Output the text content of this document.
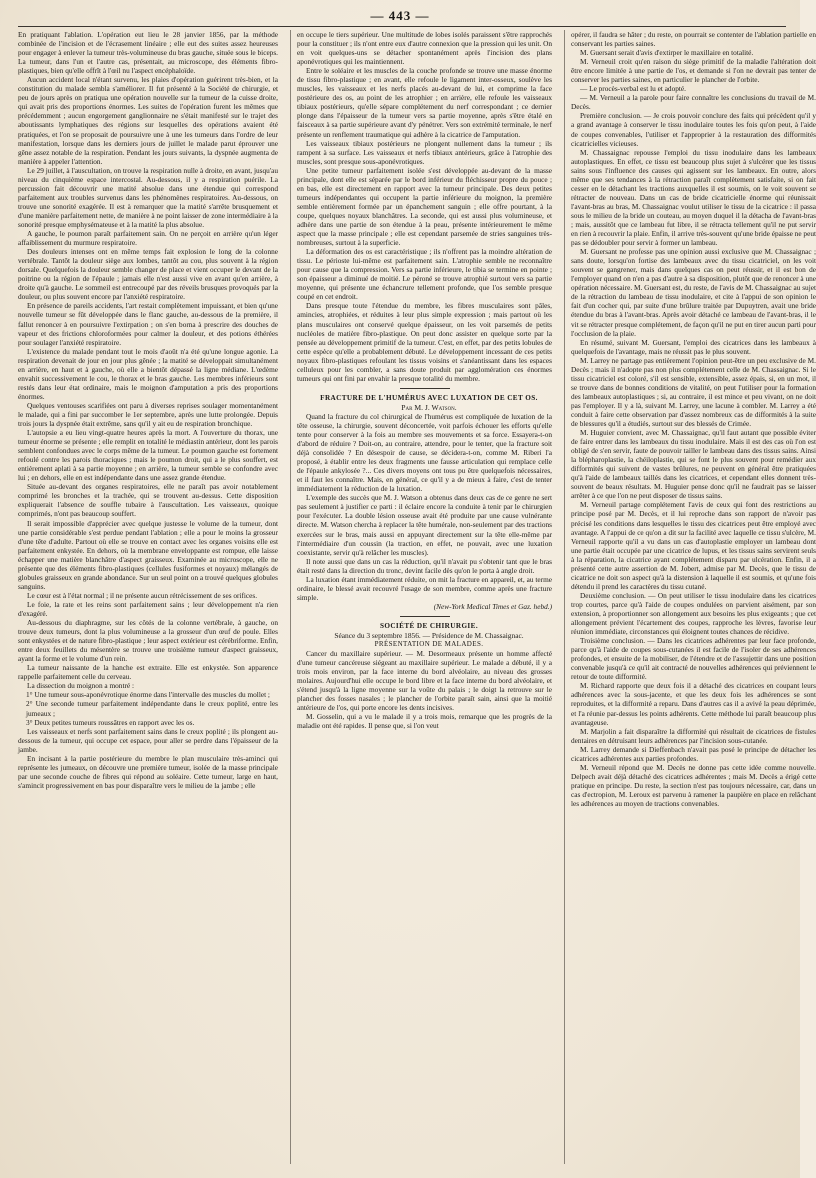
— 443 —

En pratiquant l'ablation. L'opération eut lieu le 28 janvier 1856, par la méthode combinée de l'incision et de l'écrasement linéaire ; elle eut des suites assez heureuses pour engager à enlever la tumeur très-volumineuse du bras gauche, située sous le biceps. La tumeur, dans l'un et l'autre cas, présentait, au microscope, des éléments fibro-plastiques, bien qu'elle offrît à l'œil nu l'aspect encéphaloïde.

Aucun accident local n'étant survenu, les plaies d'opération guérirent très-bien, et la constitution du malade sembla s'améliorer. Il fut présenté à la Société de chirurgie, et peu de jours après on pratiqua une opération nouvelle sur la tumeur de la cuisse droite, qui avait pris des proportions énormes. Les suites de l'opération furent les mêmes que précédemment ; aucun engorgement ganglionnaire ne s'était manifesté sur le trajet des aboutissants lymphatiques des régions sur lesquelles des opérations avaient été pratiquées, et l'on se proposait de poursuivre une à une les tumeurs dans l'ordre de leur manifestation, lorsque dans les derniers jours de juillet le malade parut éprouver une gêne assez notable de la respiration. Pendant les jours suivants, la dyspnée augmenta de manière à appeler l'attention.

Le 29 juillet, à l'auscultation, on trouve la respiration nulle à droite, en avant, jusqu'au niveau du cinquième espace intercostal. Au-dessous, il y a respiration puérile. La percussion fait découvrir une matité absolue dans une étendue qui correspond parfaitement aux troubles survenus dans les phénomènes respiratoires. Au-dessous, on trouve une sonorité exagérée. Il est à remarquer que la matité s'arrête brusquement et d'une manière parfaitement nette, de manière à ne point laisser de zone intermédiaire à la sonorité presque emphysémateuse et à la matité la plus absolue.

A gauche, le poumon paraît parfaitement sain. On ne perçoit en arrière qu'un léger affaiblissement du murmure respiratoire.

Des douleurs intenses ont en même temps fait explosion le long de la colonne vertébrale. Tantôt la douleur siège aux lombes, tantôt au cou, plus souvent à la région dorsale. Quelquefois la douleur semble changer de place et vient occuper le devant de la poitrine ou la région de l'épaule ; jamais elle n'est aussi vive en avant qu'en arrière, à droite qu'à gauche. Le sommeil est entrecoupé par des réveils brusques provoqués par la douleur, ou plus souvent encore par l'anxiété respiratoire.

En présence de pareils accidents, l'art restait complètement impuissant, et bien qu'une nouvelle tumeur se fût développée dans le flanc gauche, au-dessous de la première, il fallut renoncer à en poursuivre l'extirpation ; on s'en borna à prescrire des douches de vapeur et des frictions chloroformées pour calmer la douleur, et des potions éthérées pour soulager l'anxiété respiratoire.

L'existence du malade pendant tout le mois d'août n'a été qu'une longue agonie. La respiration devenait de jour en jour plus gênée ; la matité se développait simultanément en arrière, en haut et à gauche, où elle a bientôt dépassé la ligne médiane. L'œdème envahit successivement le cou, le thorax et le bras gauche. Les membres inférieurs sont restés dans leur état ordinaire, mais le moignon d'amputation a pris des proportions énormes.

Quelques ventouses scarifiées ont paru à diverses reprises soulager momentanément le malade, qui a fini par succomber le 1er septembre, après une lutte prolongée. Depuis trois jours la dyspnée était extrême, sans qu'il y ait eu de respiration bronchique.

L'autopsie a eu lieu vingt-quatre heures après la mort. A l'ouverture du thorax, une tumeur énorme se présente ; elle remplit en totalité le médiastin antérieur, dont les parois semblent confondues avec le corps même de la tumeur. Le poumon gauche est fortement refoulé contre les parois thoraciques ; mais le poumon droit, qui a le plus souffert, est entièrement aplati à sa partie moyenne ; en arrière, la tumeur semble se confondre avec lui ; en dehors, elle en est indépendante dans une assez grande étendue.

Située au-devant des organes respiratoires, elle ne paraît pas avoir notablement comprimé les bronches et la trachée, qui se trouvent au-dessus. Cette disposition expliquerait l'absence de souffle tubaire à l'auscultation. Les vaisseaux, quoique comprimés, n'ont pas beaucoup souffert.

Il serait impossible d'apprécier avec quelque justesse le volume de la tumeur, dont une partie considérable s'est perdue pendant l'ablation ; elle a pour le moins la grosseur d'une tête d'adulte. Partout où elle se trouve en contact avec les organes voisins elle est parfaitement enkystée. En dehors, où la membrane enveloppante est rompue, elle laisse échapper une matière blanchâtre d'aspect graisseux. Examinée au microscope, elle ne présente que des éléments fibro-plastiques (cellules fusiformes et noyaux) mélangés de globules graisseux en grande abondance. Sur un seul point on a trouvé quelques globules sanguins.

Le cœur est à l'état normal ; il ne présente aucun rétrécissement de ses orifices.

Le foie, la rate et les reins sont parfaitement sains ; leur développement n'a rien d'exagéré.

Au-dessous du diaphragme, sur les côtés de la colonne vertébrale, à gauche, on trouve deux tumeurs, dont la plus volumineuse a la grosseur d'un œuf de poule. Elles sont enkystées et de nature fibro-plastique ; leur aspect extérieur est cérébriforme. Enfin, entre deux feuillets du mésentère se trouve une troisième tumeur d'aspect graisseux, ayant la forme et le volume d'un rein.

La tumeur naissante de la hanche est extraite. Elle est enkystée. Son apparence rappelle parfaitement celle du cerveau.

La dissection du moignon a montré :

1° Une tumeur sous-aponévrotique énorme dans l'intervalle des muscles du mollet ;

2° Une seconde tumeur parfaitement indépendante dans le creux poplité, entre les jumeaux ;

3° Deux petites tumeurs roussâtres en rapport avec les os.

Les vaisseaux et nerfs sont parfaitement sains dans le creux poplité ; ils plongent au-dessous de la tumeur, qui occupe cet espace, pour aller se perdre dans l'épaisseur de la jambe.

En incisant à la partie postérieure du membre le plan musculaire très-aminci qui représente les jumeaux, on découvre une première tumeur, isolée de la masse principale par une seconde couche de fibres qui répond au soléaire. Cette tumeur, large en haut, s'amincit progressivement en bas pour disparaître vers le milieu de la jambe ; elle

en occupe le tiers supérieur. Une multitude de lobes isolés paraissent s'être rapprochés pour la constituer ; ils n'ont entre eux d'autre connexion que la pression qui les unit. On en voit quelques-uns se détacher spontanément après l'incision des plans aponévrotiques qui les maintiennent.

Entre le soléaire et les muscles de la couche profonde se trouve une masse énorme de tissu fibro-plastique ; en avant, elle refoule le ligament inter-osseux, soulève les muscles, les vaisseaux et les nerfs placés au-devant de lui, et comprime la face postérieure des os, au point de les atrophier ; en arrière, elle refoule les vaisseaux tibiaux postérieurs, qu'elle sépare complétement du nerf correspondant ; ce dernier plonge dans l'épaisseur de la tumeur vers sa partie moyenne, après s'être étalé en faisceaux à sa partie supérieure avant d'y pénétrer. Vers son extrémité terminale, le nerf présente un renflement traumatique qui adhère à la cicatrice de l'amputation.

Les vaisseaux tibiaux postérieurs ne plongent nullement dans la tumeur ; ils rampent à sa surface. Les vaisseaux et nerfs tibiaux antérieurs, grâce à l'atrophie des muscles, sont presque sous-aponévrotiques.

Une petite tumeur parfaitement isolée s'est développée au-devant de la masse principale, dont elle est séparée par le bord inférieur du fléchisseur propre du pouce ; en bas, elle est directement en rapport avec la tumeur principale. Des deux petites tumeurs indépendantes qui occupent la partie inférieure du moignon, la première semble entièrement formée par un épanchement sanguin ; elle offre pourtant, à la coupe, quelques noyaux blanchâtres. La seconde, qui est aussi plus volumineuse, et adhère dans une partie de son étendue à la peau, présente intérieurement le même aspect que la masse principale ; elle est cependant parsemée de stries sanguines très-nombreuses, surtout à la superficie.

La déformation des os est caractéristique ; ils n'offrent pas la moindre altération de tissu. Le périoste lui-même est parfaitement sain. L'atrophie semble ne reconnaître pour cause que la compression. Vers sa partie inférieure, le tibia se termine en pointe ; son épaisseur a diminué de moitié. Le péroné se trouve atrophié surtout vers sa partie moyenne, qui présente une échancrure tellement profonde, que l'os semble presque coupé en cet endroit.

Dans presque toute l'étendue du membre, les fibres musculaires sont pâles, amincies, atrophiées, et réduites à leur plus simple expression ; mais partout où les plans musculaires ont conservé quelque épaisseur, on les voit parsemés de petits nucléoles de matière fibro-plastique. On peut donc assister en quelque sorte par la pensée au développement primitif de la tumeur. C'est, en effet, par des petits lobules de cette espèce qu'elle a probablement débuté. Le développement incessant de ces petits noyaux fibro-plastiques refoulant les tissus voisins et s'anéantissant dans les espaces celluleux pour les combler, a sans doute produit par agglomération ces énormes tumeurs qui ont fini par envahir la presque totalité du membre.

FRACTURE DE L'HUMÉRUS AVEC LUXATION DE CET OS.

Par M. J. Watson.

Quand la fracture du col chirurgical de l'humérus est compliquée de luxation de la tête osseuse, la chirurgie, souvent déconcertée, voit parfois échouer les efforts qu'elle tente pour conserver à la fois au membre ses mouvements et sa force. Essayera-t-on d'abord de réduire ? Doit-on, au contraire, attendre, pour le tenter, que la fracture soit déjà consolidée ? En désespoir de cause, se décidera-t-on, comme M. Riberi l'a proposé, à établir entre les deux fragments une fausse articulation qui remplace celle de l'épaule ankylosée ?... Ces divers moyens ont tous pu être quelquefois nécessaires, et il faut les connaître. Mais, en général, ce qu'il y a de mieux à faire, c'est de tenter immédiatement la réduction de la luxation.

L'exemple des succès que M. J. Watson a obtenus dans deux cas de ce genre ne sert pas seulement à justifier ce parti : il éclaire encore la conduite à tenir par le chirurgien pour l'exécuter. La double lésion osseuse avait été produite par une cause vulnérante directe. M. Watson chercha à replacer la tête humérale, non-seulement par des tractions exercées sur le bras, mais aussi en appuyant directement sur la tête elle-même par l'intermédiaire d'un coussin (la traction, en effet, ne pouvait, avec une luxation coexistante, servir qu'à relâcher les muscles).

Il note aussi que dans un cas la réduction, qu'il n'avait pu s'obtenir tant que le bras était resté dans la direction du tronc, devint facile dès qu'on le porta à angle droit.

La luxation étant immédiatement réduite, on mit la fracture en appareil, et, au terme ordinaire, le blessé avait recouvré l'usage de son membre, comme après une fracture simple.

(New-York Medical Times et Gaz. hebd.)

SOCIÉTÉ DE CHIRURGIE.

Séance du 3 septembre 1856. — Présidence de M. Chassaignac.

PRÉSENTATION DE MALADES.

Cancer du maxillaire supérieur. — M. Desormeaux présente un homme affecté d'une tumeur cancéreuse siégeant au maxillaire supérieur. Le malade a débuté, il y a trois mois environ, par la face interne du bord alvéolaire, au niveau des grosses molaires. Aujourd'hui elle occupe le bord libre et la face interne du bord alvéolaire, et s'étend jusqu'à la ligne moyenne sur la voûte du palais ; le doigt la retrouve sur le plancher des fosses nasales ; le plancher de l'orbite paraît sain, ainsi que la moitié antérieure de l'os, qui porte encore les dents incisives.

M. Gosselin, qui a vu le malade il y a trois mois, remarque que les progrès de la maladie ont été rapides. Il pense que, si l'on veut

opérer, il faudra se hâter ; du reste, on pourrait se contenter de l'ablation partielle en conservant les parties saines.

M. Guersant serait d'avis d'extirper le maxillaire en totalité.

M. Verneuil croit qu'en raison du siège primitif de la maladie l'altération doit être encore limitée à une partie de l'os, et demande si l'on ne devrait pas tenter de conserver les parties saines, en particulier le plancher de l'orbite.

— Le procès-verbal est lu et adopté.

— M. Verneuil a la parole pour faire connaître les conclusions du travail de M. Decès.

Première conclusion. — Je crois pouvoir conclure des faits qui précèdent qu'il y a grand avantage à conserver le tissu inodulaire toutes les fois qu'on peut, à l'aide de coupes convenables, l'utiliser et l'approprier à la restauration des difformités cicatricielles vicieuses.

M. Chassaignac repousse l'emploi du tissu inodulaire dans les lambeaux autoplastiques. En effet, ce tissu est beaucoup plus sujet à s'ulcérer que les tissus sains sous l'influence des causes qui agissent sur les lambeaux. En outre, alors même que ses tendances à la rétraction paraît complètement satisfaite, si on fait cesser en le détachant les tractions auxquelles il est soumis, on le voit souvent se rétracter de nouveau. Dans un cas de bride cicatricielle énorme qui réunissait l'avant-bras au bras, M. Chassaignac voulut utiliser le tissu de la cicatrice : il passa sous le milieu de la bride un couteau, au moyen duquel il la détacha de l'avant-bras ; mais, aussitôt que ce lambeau fut libre, il se rétracta tellement qu'il ne put servir en rien à recouvrir la plaie. Enfin, il arrive très-souvent qu'une bride épaisse ne peut pas se dédoubler pour servir à former un lambeau.

M. Guersant ne professe pas une opinion aussi exclusive que M. Chassaignac ; sans doute, lorsqu'on fortise des lambeaux avec du tissu cicatriciel, on les voit souvent se gangrener, mais dans quelques cas on peut réussir, et il est bon de l'employer quand on n'en a pas d'autre à sa disposition, plutôt que de renoncer à une opération nécessaire. M. Guersant est, du reste, de l'avis de M. Chassaignac au sujet de la rétraction du lambeau de tissu inodulaire, et cite à l'appui de son opinion le fait d'un cocher qui, par suite d'une brûlure traitée par Dupuytren, avait une bride étendue du bras à l'avant-bras. Après avoir détaché ce lambeau de l'avant-bras, il le vit se rétracter presque complétement, de façon qu'il ne put en tirer aucun parti pour l'occlusion de la plaie.

En résumé, suivant M. Guersant, l'emploi des cicatrices dans les lambeaux à quelquefois de l'avantage, mais ne réussit pas le plus souvent.

M. Larrey ne partage pas entièrement l'opinion peut-être un peu exclusive de M. Decès ; mais il n'adopte pas non plus complétement celle de M. Chassaignac. Si le tissu cicatriciel est coloré, s'il est sensible, extensible, assez épais, si, en un mot, il se trouve dans de bonnes conditions de vitalité, on peut l'utiliser pour la formation des lambeaux autoplastiques ; si, au contraire, il est mince et peu vivant, on ne doit pas l'employer. Il y a là, suivant M. Larrey, une lacune à combler. M. Larrey a été conduit à faire cette observation par d'assez nombreux cas de difformités à la suite de blessures qu'il a étudiés, surtout sur des blessés de Crimée.

M. Huguier convient, avec M. Chassaignac, qu'il faut autant que possible éviter de faire entrer dans les lambeaux du tissu inodulaire. Mais il est des cas où l'on est obligé de s'en servir, faute de pouvoir tailler le lambeau dans des tissus sains. Ainsi la blépharoplastie, la chéiloplastie, qui se font le plus souvent pour remédier aux difformités qui suivent de vastes brûlures, ne peuvent en général être pratiquées qu'à l'aide de lambeaux taillés dans les cicatrices, et cependant elles donnent très-souvent de beaux résultats. M. Huguier pense donc qu'il ne faudrait pas se laisser arrêter à ce que l'on ne peut disposer de tissus sains.

M. Verneuil partage complétement l'avis de ceux qui font des restrictions au principe posé par M. Decès, et il lui reproche dans son rapport de n'avoir pas précisé les conditions dans lesquelles le tissu des cicatrices peut être employé avec avantage. A l'appui de ce qu'on a dit sur la facilité avec laquelle ce tissu s'ulcère, M. Verneuil rapporte qu'il a vu dans un cas d'autoplastie employer un lambeau dont une partie était occupée par une cicatrice de lupus, et les tissus sains servirent seuls à la réparation, la cicatrice ayant complétement disparu par ulcération. Enfin, il a présenté cette autre assertion de M. Jobert, admise par M. Decès, que le tissu de cicatrice ne doit son aspect qu'à la distension à laquelle il est soumis, et qu'une fois détendu il prend les caractères du tissu cutané.

Deuxième conclusion. — On peut utiliser le tissu inodulaire dans les cicatrices trop courtes, parce qu'à l'aide de coupes ondulées on parvient aisément, par son extension, à proportionner son allongement aux besoins les plus exigeants ; que cet allongement prévient l'écartement des coupes, rapproche les lèvres, favorise leur réunion immédiate, circonstances qui éloignent toutes chances de récidive.

Troisième conclusion. — Dans les cicatrices adhérentes par leur face profonde, parce qu'à l'aide de coupes sous-cutanées il est facile de l'isoler de ses adhérences profondes, et ensuite de la mobiliser, de l'étendre et de l'assujettir dans une position convenable jusqu'à ce qu'il ait contracté de nouvelles adhérences qui préviennent le retour de toute difformité.

M. Richard rapporte que deux fois il a détaché des cicatrices en coupant leurs adhérences avec la sous-jacente, et que les deux fois les adhérences se sont reproduites, et la difformité a reparu. Dans d'autres cas il a avivé la peau déprimée, et l'a réunie par-dessus les points adhérents. Cette méthode lui paraît beaucoup plus avantageuse.

M. Marjolin a fait disparaître la difformité qui résultait de cicatrices de fistules dentaires en détruisant leurs adhérences par l'incision sous-cutanée.

M. Larrey demande si Dieffenbach n'avait pas posé le principe de détacher les cicatrices adhérentes aux parties profondes.

M. Verneuil répond que M. Decès ne donne pas cette idée comme nouvelle. Delpech avait déjà détaché des cicatrices adhérentes ; mais M. Decès a érigé cette pratique en principe. Du reste, la section n'est pas toujours nécessaire, car, dans un cas d'ectropion, M. Leroux est parvenu à ramener la paupière en place en relâchant les adhérences au moyen de tractions convenables.
